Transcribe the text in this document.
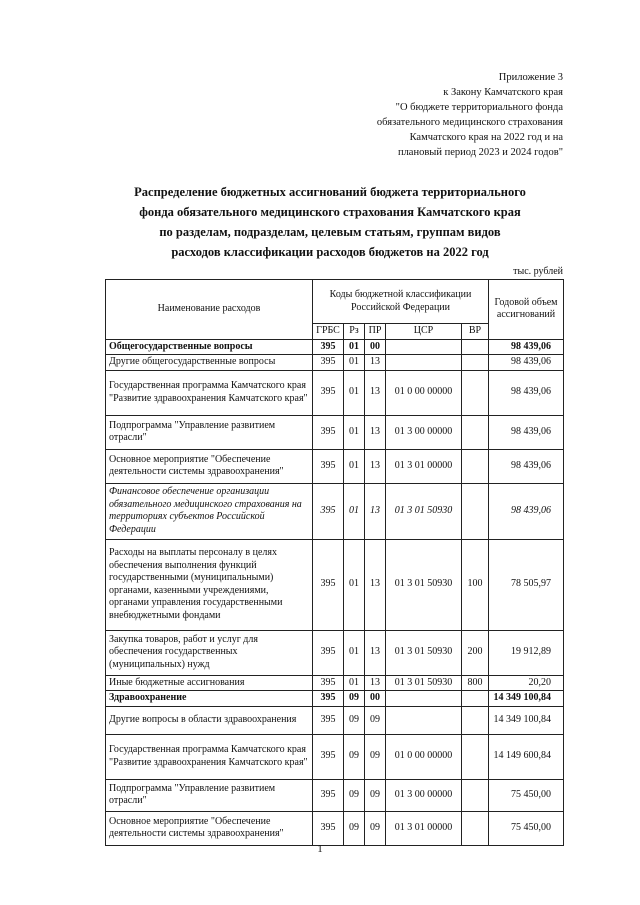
Приложение 3
к Закону Камчатского края
"О бюджете территориального фонда
обязательного медицинского страхования
Камчатского края на 2022 год и на
плановый период 2023 и 2024 годов"
Распределение бюджетных ассигнований бюджета территориального
фонда обязательного медицинского страхования Камчатского края
по разделам, подразделам, целевым статьям, группам видов
расходов классификации расходов бюджетов на 2022 год
тыс. рублей
Наименование расходов	Коды бюджетной классификации Российской Федерации					Годовой объем ассигнований
	ГРБС	Рз	ПР	ЦСР	ВР	
Общегосударственные вопросы	395	01	00			98 439,06
Другие общегосударственные вопросы	395	01	13			98 439,06
Государственная программа Камчатского края "Развитие здравоохранения Камчатского края"	395	01	13	01 0 00 00000		98 439,06
Подпрограмма "Управление развитием отрасли"	395	01	13	01 3 00 00000		98 439,06
Основное мероприятие "Обеспечение деятельности системы здравоохранения"	395	01	13	01 3 01 00000		98 439,06
Финансовое обеспечение организации обязательного медицинского страхования на территориях субъектов Российской Федерации	395	01	13	01 3 01 50930		98 439,06
Расходы на выплаты персоналу в целях обеспечения выполнения функций государственными (муниципальными) органами, казенными учреждениями, органами управления государственными внебюджетными фондами	395	01	13	01 3 01 50930	100	78 505,97
Закупка товаров, работ и услуг для обеспечения государственных (муниципальных) нужд	395	01	13	01 3 01 50930	200	19 912,89
Иные бюджетные ассигнования	395	01	13	01 3 01 50930	800	20,20
Здравоохранение	395	09	00			14 349 100,84
Другие вопросы в области здравоохранения	395	09	09			14 349 100,84
Государственная программа Камчатского края "Развитие здравоохранения Камчатского края"	395	09	09	01 0 00 00000		14 149 600,84
Подпрограмма "Управление развитием отрасли"	395	09	09	01 3 00 00000		75 450,00
Основное мероприятие "Обеспечение деятельности системы здравоохранения"	395	09	09	01 3 01 00000		75 450,00
1
